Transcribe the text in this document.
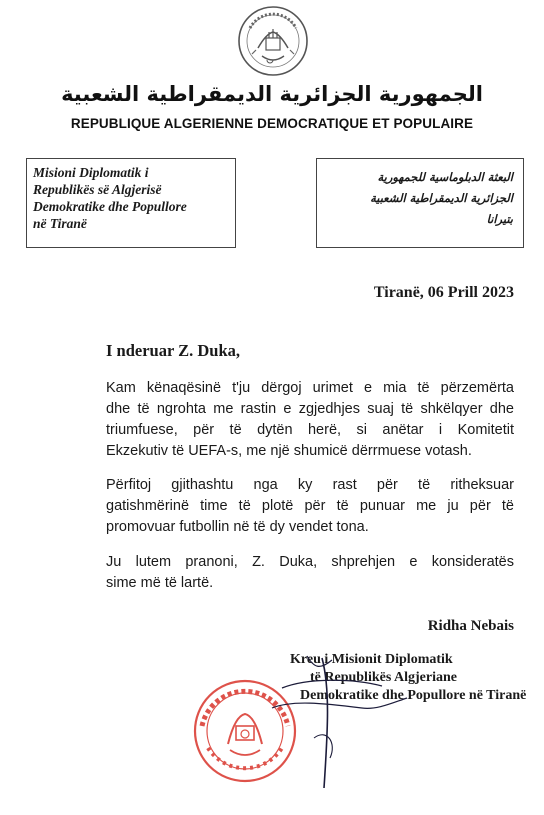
الجمهورية الجزائرية الديمقراطية الشعبية
REPUBLIQUE ALGERIENNE DEMOCRATIQUE ET POPULAIRE
Misioni Diplomatik i
Republikës së Algjerisë
Demokratike dhe Popullore
në Tiranë
البعثة الدبلوماسية للجمهورية
الجزائرية الديمقراطية الشعبية
بتيرانا
Tiranë, 06 Prill 2023
I nderuar Z. Duka,
Kam kënaqësinë t'ju dërgoj urimet e mia të përzemërta
dhe të ngrohta me rastin e zgjedhjes suaj të shkëlqyer dhe
triumfuese, për të dytën herë, si anëtar i Komitetit
Ekzekutiv të UEFA-s, me një shumicë dërrmuese votash.
Përfitoj gjithashtu nga ky rast për të ritheksuar
gatishmërinë time të plotë për të punuar me ju për të
promovuar futbollin në të dy vendet tona.
Ju lutem pranoni, Z. Duka, shprehjen e konsideratës
sime më të lartë.
Ridha Nebais
Kreu i Misionit Diplomatik
të Republikës Algjeriane
Demokratike dhe Popullore në Tiranë
